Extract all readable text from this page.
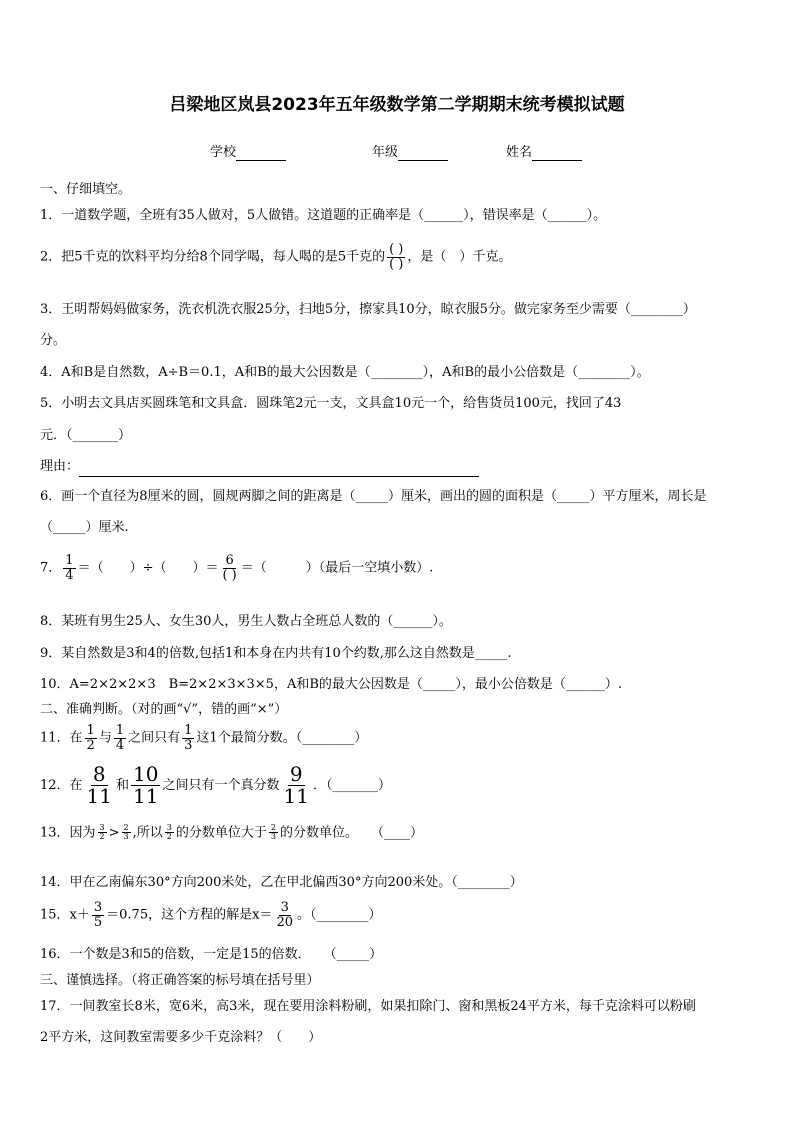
吕梁地区岚县2023年五年级数学第二学期期末统考模拟试题
学校	年级	姓名
一、仔细填空。
1．一道数学题，全班有35人做对，5人做错。这道题的正确率是（______），错误率是（______）。
2．把5千克的饮料平均分给8个同学喝，每人喝的是5千克的 $\frac{( )}{( )}$ ，是（　）千克。
3．王明帮妈妈做家务，洗衣机洗衣服25分，扫地5分，擦家具10分，晾衣服5分。做完家务至少需要（________）
分。
4．A和B是自然数，A÷B＝0.1，A和B的最大公因数是（________），A和B的最小公倍数是（________）。
5．小明去文具店买圆珠笔和文具盒．圆珠笔2元一支，文具盒10元一个，给售货员100元，找回了43
元．（_______）
理由：
6．画一个直径为8厘米的圆，圆规两脚之间的距离是（_____）厘米，画出的圆的面积是（_____）平方厘米，周长是
（_____）厘米.
7． $\frac{1}{4}$ ＝（　　）÷（　　）＝ $\frac{6}{( )}$ ＝（　　　）（最后一空填小数）.
8．某班有男生25人、女生30人，男生人数占全班总人数的（______）。
9．某自然数是3和4的倍数,包括1和本身在内共有10个约数,那么这自然数是_____.
10．A=2×2×2×3　B=2×2×3×3×5，A和B的最大公因数是（_____），最小公倍数是（______）.
二、准确判断。（对的画“√”，错的画“×”）
11．在 $\frac{1}{2}$ 与 $\frac{1}{4}$ 之间只有 $\frac{1}{3}$ 这1个最简分数。（________）
12．在 $\frac{8}{11}$ 和 $\frac{10}{11}$ 之间只有一个真分数 $\frac{9}{11}$ ．（_______）
13．因为 $\frac{3}{2} > \frac{2}{3}$ ,所以 $\frac{3}{2}$ 的分数单位大于 $\frac{2}{3}$ 的分数单位。　　（____）
14．甲在乙南偏东30°方向200米处，乙在甲北偏西30°方向200米处。（________）
15．$x+ \frac{3}{5} =0.75$，这个方程的解是$x= \frac{3}{20}$ 。（________）
16．一个数是3和5的倍数，一定是15的倍数．　　（_____）
三、谨慎选择。（将正确答案的标号填在括号里）
17．一间教室长8米，宽6米，高3米，现在要用涂料粉刷，如果扣除门、窗和黑板24平方米，每千克涂料可以粉刷
2平方米，这间教室需要多少千克涂料？（　　）
